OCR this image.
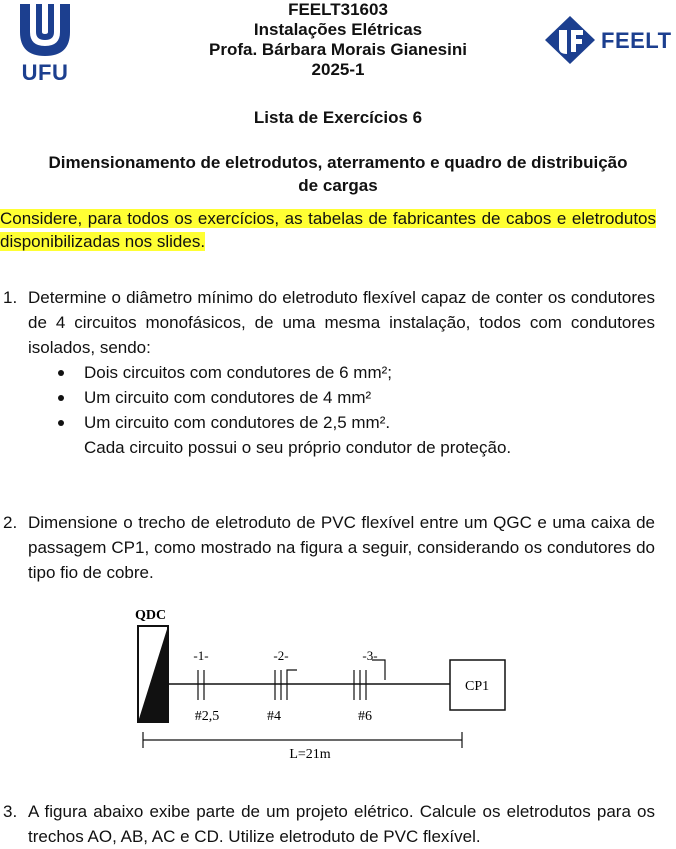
UFU
FEELT
FEELT31603
Instalações Elétricas
Profa. Bárbara Morais Gianesini
2025-1
Lista de Exercícios 6
Dimensionamento de eletrodutos, aterramento e quadro de distribuição
de cargas
Considere, para todos os exercícios, as tabelas de fabricantes de cabos e eletrodutos disponibilizadas nos slides.
1. Determine o diâmetro mínimo do eletroduto flexível capaz de conter os condutores de 4 circuitos monofásicos, de uma mesma instalação, todos com condutores isolados, sendo:
Dois circuitos com condutores de 6 mm²;
Um circuito com condutores de 4 mm²
Um circuito com condutores de 2,5 mm².
Cada circuito possui o seu próprio condutor de proteção.
2. Dimensione o trecho de eletroduto de PVC flexível entre um QGC e uma caixa de passagem CP1, como mostrado na figura a seguir, considerando os condutores do tipo fio de cobre.
QDC
CP1
-1-
#2,5
-2-
#4
-3-
#6
L=21m
3. A figura abaixo exibe parte de um projeto elétrico. Calcule os eletrodutos para os trechos AO, AB, AC e CD. Utilize eletroduto de PVC flexível.
